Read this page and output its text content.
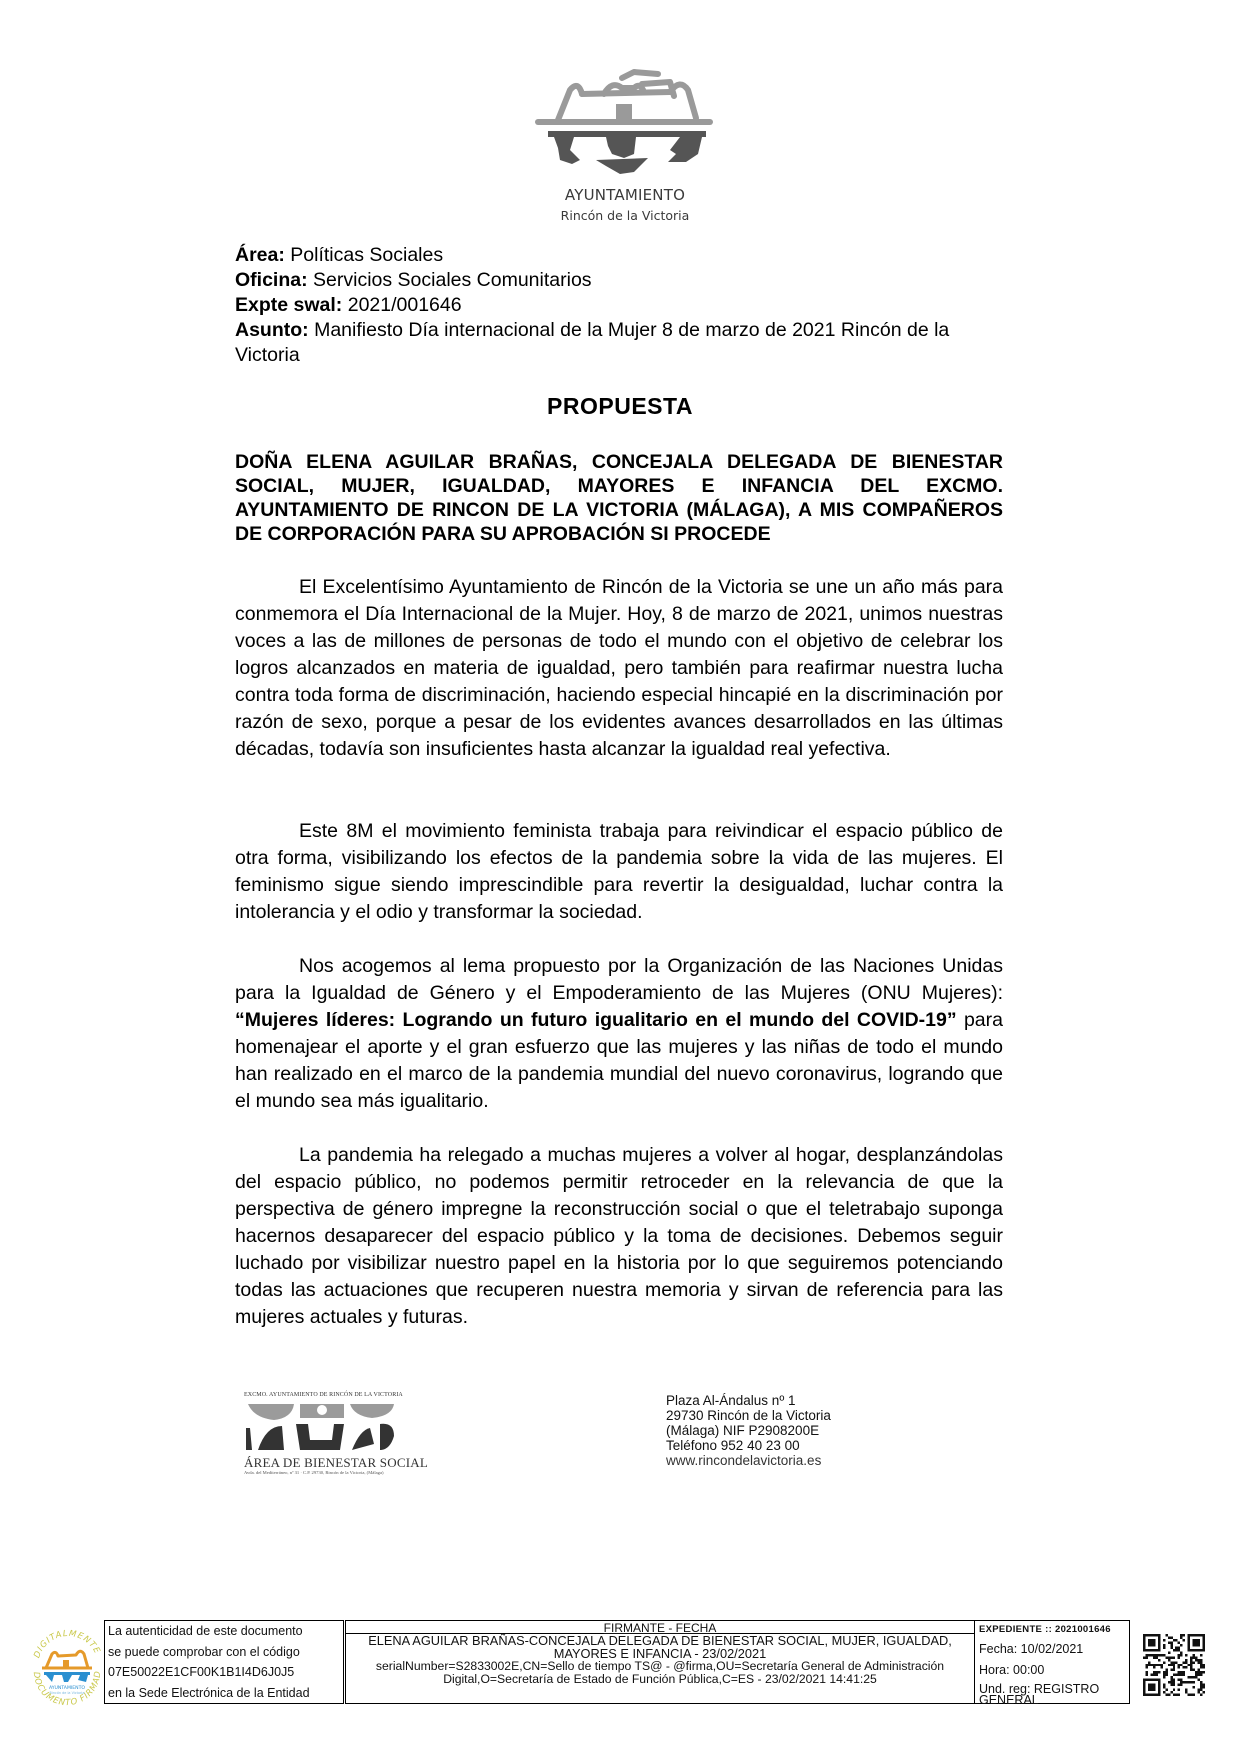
AYUNTAMIENTO
Rincón de la Victoria
Área: Políticas Sociales
Oficina: Servicios Sociales Comunitarios
Expte swal: 2021/001646
Asunto: Manifiesto Día internacional de la Mujer 8 de marzo de 2021 Rincón de la Victoria
PROPUESTA
DOÑA ELENA AGUILAR BRAÑAS, CONCEJALA DELEGADA DE BIENESTAR SOCIAL, MUJER, IGUALDAD, MAYORES E INFANCIA DEL EXCMO. AYUNTAMIENTO DE RINCON DE LA VICTORIA (MÁLAGA), A MIS COMPAÑEROS DE CORPORACIÓN PARA SU APROBACIÓN SI PROCEDE

El Excelentísimo Ayuntamiento de Rincón de la Victoria se une un año más para conmemora el Día Internacional de la Mujer. Hoy, 8 de marzo de 2021, unimos nuestras voces a las de millones de personas de todo el mundo con el objetivo de celebrar los logros alcanzados en materia de igualdad, pero también para reafirmar nuestra lucha contra toda forma de discriminación, haciendo especial hincapié en la discriminación por razón de sexo, porque a pesar de los evidentes avances desarrollados en las últimas décadas, todavía son insuficientes hasta alcanzar la igualdad real yefectiva.

Este 8M el movimiento feminista trabaja para reivindicar el espacio público de otra forma, visibilizando los efectos de la pandemia sobre la vida de las mujeres. El feminismo sigue siendo imprescindible para revertir la desigualdad, luchar contra la intolerancia y el odio y transformar la sociedad.

Nos acogemos al lema propuesto por la Organización de las Naciones Unidas para la Igualdad de Género y el Empoderamiento de las Mujeres (ONU Mujeres): “Mujeres líderes: Logrando un futuro igualitario en el mundo del COVID-19” para homenajear el aporte y el gran esfuerzo que las mujeres y las niñas de todo el mundo han realizado en el marco de la pandemia mundial del nuevo coronavirus, logrando que el mundo sea más igualitario.

La pandemia ha relegado a muchas mujeres a volver al hogar, desplanzándolas del espacio público, no podemos permitir retroceder en la relevancia de que la perspectiva de género impregne la reconstrucción social o que el teletrabajo suponga hacernos desaparecer del espacio público y la toma de decisiones. Debemos seguir luchado por visibilizar nuestro papel en la historia por lo que seguiremos potenciando todas las actuaciones que recuperen nuestra memoria y sirvan de referencia para las mujeres actuales y futuras.

EXCMO. AYUNTAMIENTO DE RINCÓN DE LA VICTORIA
ÁREA DE BIENESTAR SOCIAL
Avda. del Mediterráneo, nº 31 · C.P. 29730, Rincón de la Victoria, (Málaga)
Plaza Al-Ándalus nº 1
29730 Rincón de la Victoria
(Málaga) NIF P2908200E
Teléfono 952 40 23 00
www.rincondelavictoria.es
DIGITALMENTE
DOCUMENTO FIRMAD
AYUNTAMIENTO
Rincón de la Victoria
La autenticidad de este documento
se puede comprobar con el código
07E50022E1CF00K1B1I4D6J0J5
en la Sede Electrónica de la Entidad
FIRMANTE - FECHA
ELENA AGUILAR BRAÑAS-CONCEJALA DELEGADA DE BIENESTAR SOCIAL, MUJER, IGUALDAD,
MAYORES E INFANCIA - 23/02/2021
serialNumber=S2833002E,CN=Sello de tiempo TS@ - @firma,OU=Secretaría General de Administración
Digital,O=Secretaría de Estado de Función Pública,C=ES - 23/02/2021 14:41:25
EXPEDIENTE :: 2021001646
Fecha: 10/02/2021
Hora: 00:00
Und. reg: REGISTRO GENERAL
